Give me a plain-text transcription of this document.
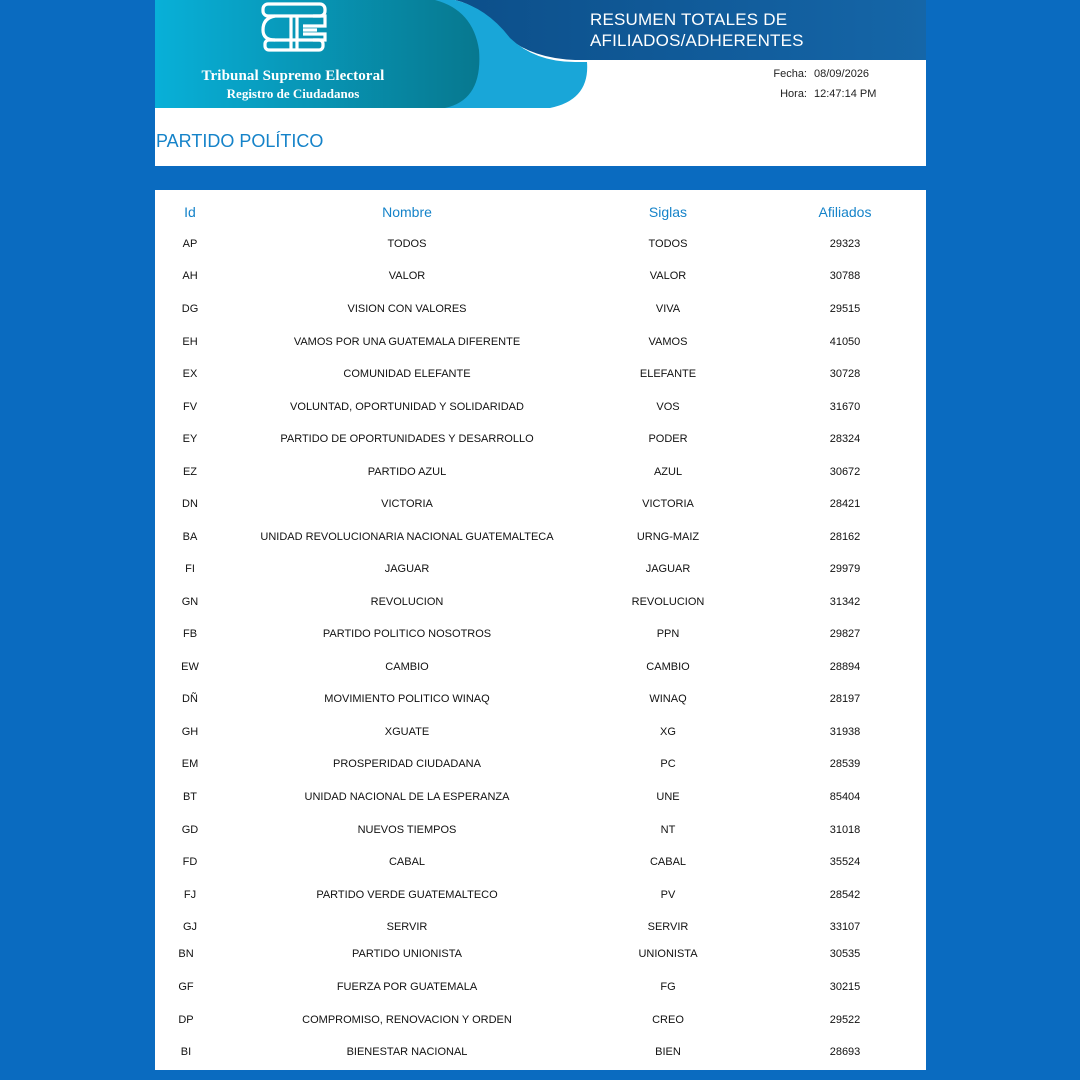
Tribunal Supremo Electoral
Registro de Ciudadanos
RESUMEN TOTALES DE
AFILIADOS/ADHERENTES
Fecha: 08/09/2026
Hora: 12:47:14 PM
PARTIDO POLÍTICO
Id	Nombre	Siglas	Afiliados
AP	TODOS	TODOS	29323
AH	VALOR	VALOR	30788
DG	VISION CON VALORES	VIVA	29515
EH	VAMOS POR UNA GUATEMALA DIFERENTE	VAMOS	41050
EX	COMUNIDAD ELEFANTE	ELEFANTE	30728
FV	VOLUNTAD, OPORTUNIDAD Y SOLIDARIDAD	VOS	31670
EY	PARTIDO DE OPORTUNIDADES Y DESARROLLO	PODER	28324
EZ	PARTIDO AZUL	AZUL	30672
DN	VICTORIA	VICTORIA	28421
BA	UNIDAD REVOLUCIONARIA NACIONAL GUATEMALTECA	URNG-MAIZ	28162
FI	JAGUAR	JAGUAR	29979
GN	REVOLUCION	REVOLUCION	31342
FB	PARTIDO POLITICO NOSOTROS	PPN	29827
EW	CAMBIO	CAMBIO	28894
DÑ	MOVIMIENTO POLITICO WINAQ	WINAQ	28197
GH	XGUATE	XG	31938
EM	PROSPERIDAD CIUDADANA	PC	28539
BT	UNIDAD NACIONAL DE LA ESPERANZA	UNE	85404
GD	NUEVOS TIEMPOS	NT	31018
FD	CABAL	CABAL	35524
FJ	PARTIDO VERDE GUATEMALTECO	PV	28542
GJ	SERVIR	SERVIR	33107
BN	PARTIDO UNIONISTA	UNIONISTA	30535
GF	FUERZA POR GUATEMALA	FG	30215
DP	COMPROMISO, RENOVACION Y ORDEN	CREO	29522
BI	BIENESTAR NACIONAL	BIEN	28693
